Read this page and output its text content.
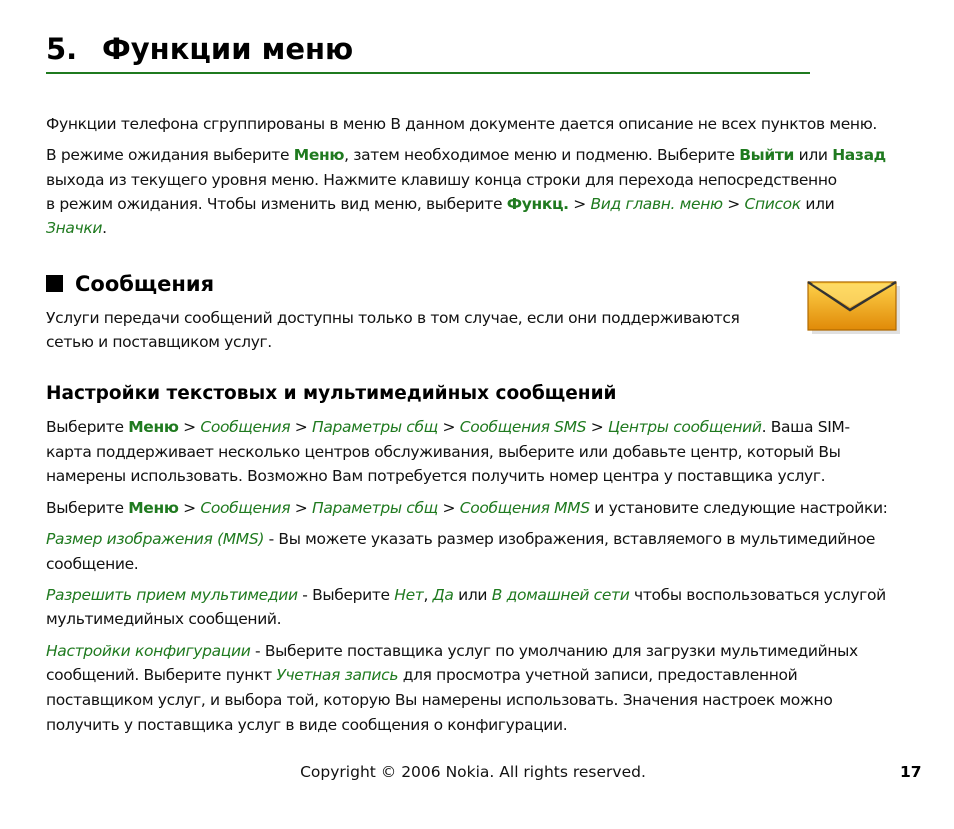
5. Функции меню
Функции телефона сгруппированы в меню В данном документе дается описание не всех пунктов меню.
В режиме ожидания выберите Меню, затем необходимое меню и подменю. Выберите Выйти или Назад
выхода из текущего уровня меню. Нажмите клавишу конца строки для перехода непосредственно
в режим ожидания. Чтобы изменить вид меню, выберите Функц. > Вид главн. меню > Список или
Значки.
Сообщения
Услуги передачи сообщений доступны только в том случае, если они поддерживаются
сетью и поставщиком услуг.
Настройки текстовых и мультимедийных сообщений
Выберите Меню > Сообщения > Параметры сбщ > Сообщения SMS > Центры сообщений. Ваша SIM-
карта поддерживает несколько центров обслуживания, выберите или добавьте центр, который Вы
намерены использовать. Возможно Вам потребуется получить номер центра у поставщика услуг.
Выберите Меню > Сообщения > Параметры сбщ > Сообщения MMS и установите следующие настройки:
Размер изображения (MMS) - Вы можете указать размер изображения, вставляемого в мультимедийное
сообщение.
Разрешить прием мультимедии - Выберите Нет, Да или В домашней сети чтобы воспользоваться услугой
мультимедийных сообщений.
Настройки конфигурации - Выберите поставщика услуг по умолчанию для загрузки мультимедийных
сообщений. Выберите пункт Учетная запись для просмотра учетной записи, предоставленной
поставщиком услуг, и выбора той, которую Вы намерены использовать. Значения настроек можно
получить у поставщика услуг в виде сообщения о конфигурации.
Copyright © 2006 Nokia. All rights reserved.	17
